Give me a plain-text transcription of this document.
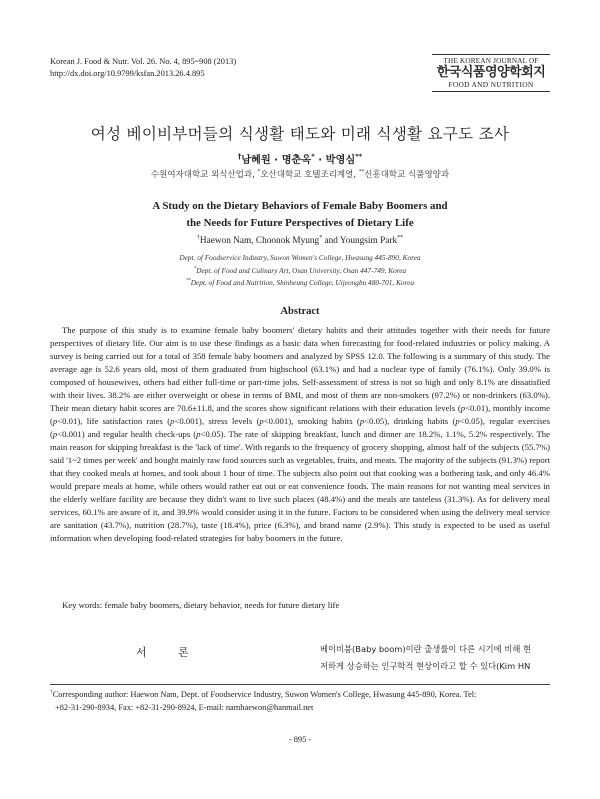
Korean J. Food & Nutr. Vol. 26. No. 4, 895~908 (2013)
http://dx.doi.org/10.9799/ksfan.2013.26.4.895
THE KOREAN JOURNAL OF
한국식품영양학회지
FOOD AND NUTRITION
여성 베이비부머들의 식생활 태도와 미래 식생활 요구도 조사
†남혜원 · 명춘옥* · 박영심**
수원여자대학교 외식산업과, *오산대학교 호텔조리계열, **신흥대학교 식품영양과
A Study on the Dietary Behaviors of Female Baby Boomers and
the Needs for Future Perspectives of Dietary Life
†Haewon Nam, Choonok Myung* and Youngsim Park**
Dept. of Foodservice Industry, Suwon Women's College, Hwasung 445-890, Korea
*Dept. of Food and Culinary Art, Osan University, Osan 447-749, Korea
**Dept. of Food and Nutrition, Shinheung College, Uijeongbu 480-701, Korea
Abstract

The purpose of this study is to examine female baby boomers' dietary habits and their attitudes together with their needs for future perspectives of dietary life. Our aim is to use these findings as a basic data when forecasting for food-related industries or policy making. A survey is being carried out for a total of 358 female baby boomers and analyzed by SPSS 12.0. The following is a summary of this study. The average age is 52.6 years old, most of them graduated from highschool (63.1%) and had a nuclear type of family (76.1%). Only 39.0% is composed of housewives, others had either full-time or part-time jobs. Self-assessment of stress is not so high and only 8.1% are dissatisfied with their lives. 38.2% are either overweight or obese in terms of BMI, and most of them are non-smokers (97.2%) or non-drinkers (63.0%). Their mean dietary habit scores are 70.6±11.8, and the scores show significant relations with their education levels (p<0.01), monthly income (p<0.01), life satisfaction rates (p<0.001), stress levels (p<0.001), smoking habits (p<0.05), drinking habits (p<0.05), regular exercises (p<0.001) and regular health check-ups (p<0.05). The rate of skipping breakfast, lunch and dinner are 18.2%, 1.1%, 5.2% respectively. The main reason for skipping breakfast is the 'lack of time'. With regards to the frequency of grocery shopping, almost half of the subjects (55.7%) said '1~2 times per week' and bought mainly raw food sources such as vegetables, fruits, and meats. The majority of the subjects (91.3%) report that they cooked meals at homes, and took about 1 hour of time. The subjects also point out that cooking was a bothering task, and only 46.4% would prepare meals at home, while others would rather eat out or eat convenience foods. The main reasons for not wanting meal services in the elderly welfare facility are because they didn't want to live such places (48.4%) and the meals are tasteless (31.3%). As for delivery meal services, 60.1% are aware of it, and 39.9% would consider using it in the future. Factors to be considered when using the delivery meal service are sanitation (43.7%), nutrition (28.7%), taste (18.4%), price (6.3%), and brand name (2.9%). This study is expected to be used as useful information when developing food-related strategies for baby boomers in the future.

Key words: female baby boomers, dietary behavior, needs for future dietary life
서 론	베이비붐(Baby boom)이란 출생률이 다른 시기에 비해 현
저하게 상승하는 인구학적 현상이라고 할 수 있다(Kim HN
†Corresponding author: Haewon Nam, Dept. of Foodservice Industry, Suwon Women's College, Hwasung 445-890, Korea. Tel:
+82-31-290-8934, Fax: +82-31-290-8924, E-mail: namhaewon@hanmail.net
- 895 -
